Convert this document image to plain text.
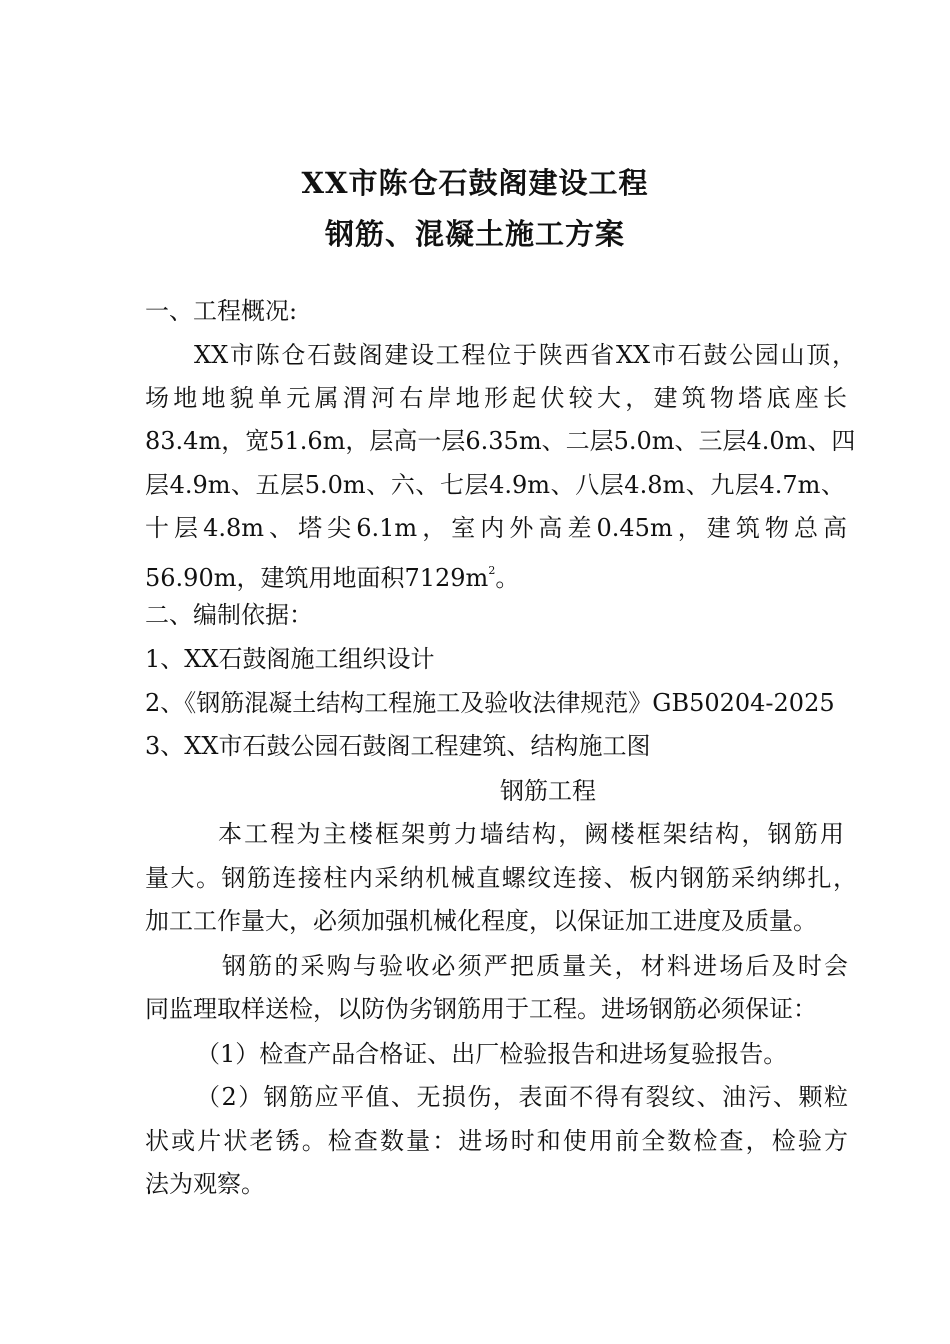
XX市陈仓石鼓阁建设工程
钢筋、混凝土施工方案
一、工程概况:
XX市陈仓石鼓阁建设工程位于陕西省XX市石鼓公园山顶，
场地地貌单元属渭河右岸地形起伏较大，建筑物塔底座长
83.4m，宽51.6m，层高一层6.35m、二层5.0m、三层4.0m、四
层4.9m、五层5.0m、六、七层4.9m、八层4.8m、九层4.7m、
十层4.8m、塔尖6.1m，室内外高差0.45m，建筑物总高
56.90m，建筑用地面积$7129m^2$。
二、编制依据：
1、XX石鼓阁施工组织设计
2、《钢筋混凝土结构工程施工及验收法律规范》GB50204-2025
3、XX市石鼓公园石鼓阁工程建筑、结构施工图
钢筋工程
本工程为主楼框架剪力墙结构，阙楼框架结构，钢筋用
量大。钢筋连接柱内采纳机械直螺纹连接、板内钢筋采纳绑扎，
加工工作量大，必须加强机械化程度，以保证加工进度及质量。
钢筋的采购与验收必须严把质量关，材料进场后及时会
同监理取样送检，以防伪劣钢筋用于工程。进场钢筋必须保证：
（1）检查产品合格证、出厂检验报告和进场复验报告。
（2）钢筋应平值、无损伤，表面不得有裂纹、油污、颗粒
状或片状老锈。检查数量：进场时和使用前全数检查，检验方
法为观察。
